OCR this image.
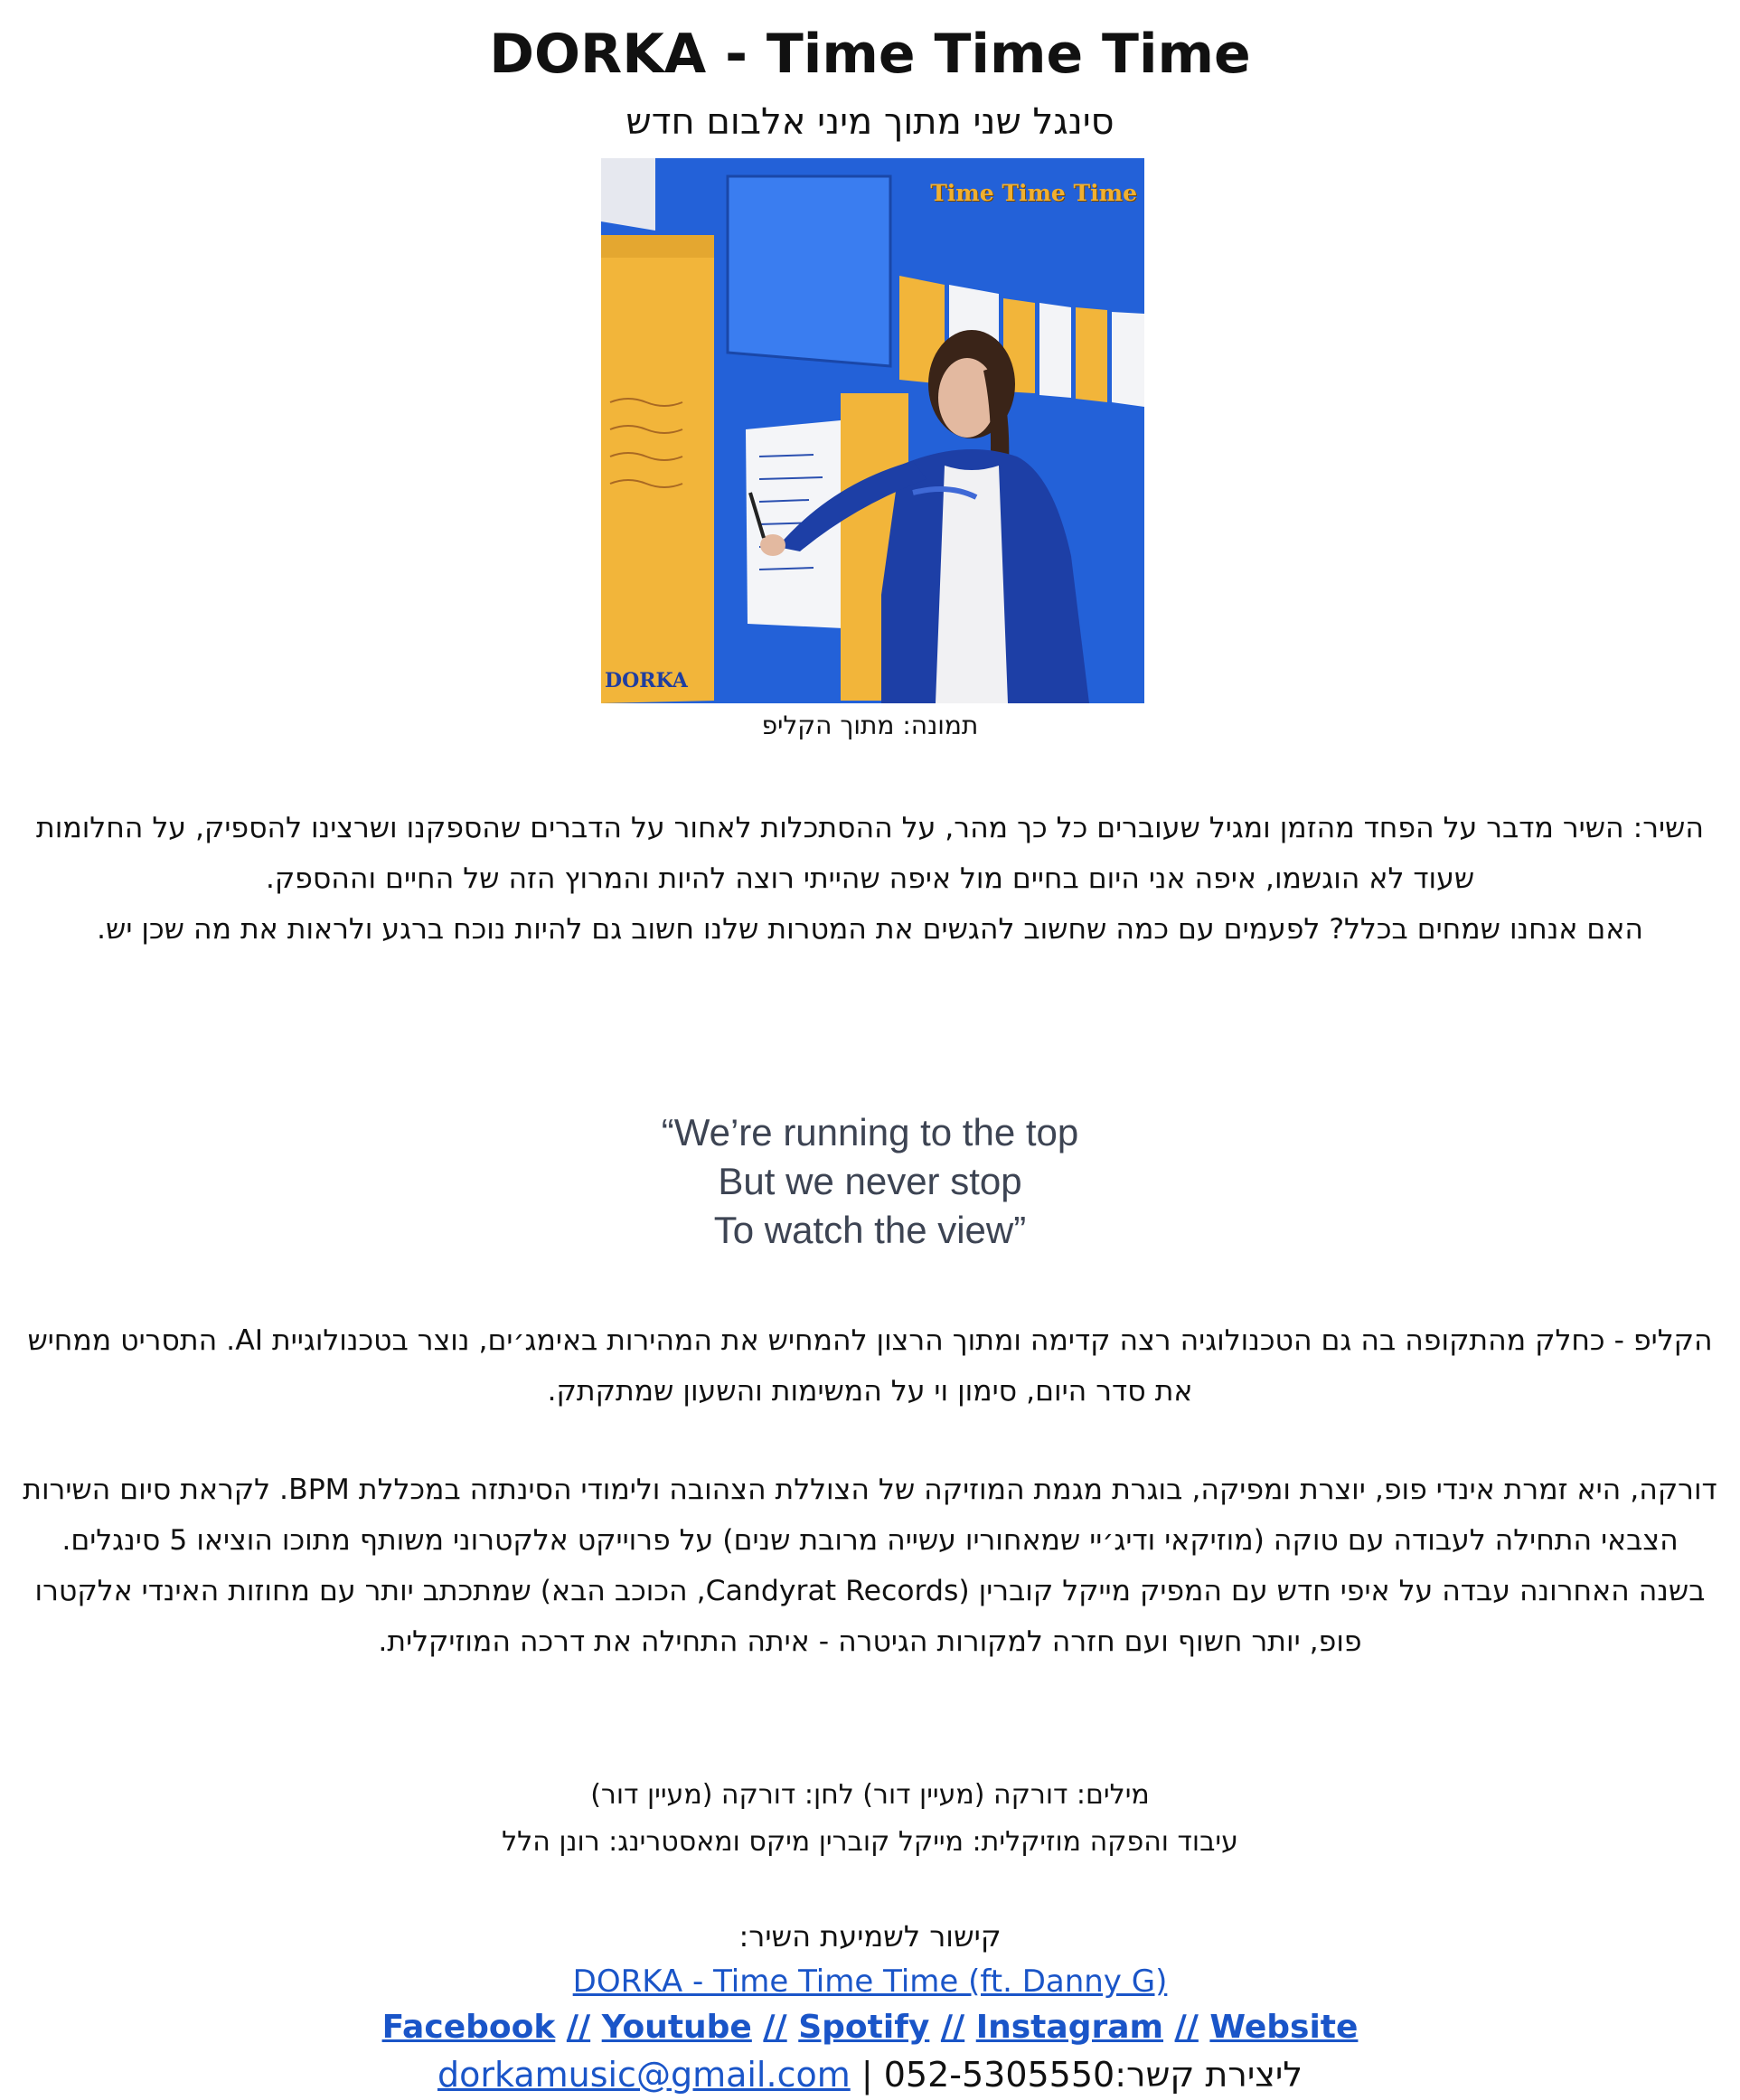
DORKA - Time Time Time
סינגל שני מתוך מיני אלבום חדש
Time Time Time
DORKA
תמונה: מתוך הקליפ

השיר: השיר מדבר על הפחד מהזמן ומגיל שעוברים כל כך מהר, על ההסתכלות לאחור על הדברים שהספקנו ושרצינו להספיק, על החלומות שעוד לא הוגשמו, איפה אני היום בחיים מול איפה שהייתי רוצה להיות והמרוץ הזה של החיים וההספק.

האם אנחנו שמחים בכלל? לפעמים עם כמה שחשוב להגשים את המטרות שלנו חשוב גם להיות נוכח ברגע ולראות את מה שכן יש.

“We’re running to the top
But we never stop
To watch the view”

הקליפ - כחלק מהתקופה בה גם הטכנולוגיה רצה קדימה ומתוך הרצון להמחיש את המהירות באימג׳ים, נוצר בטכנולוגיית AI. התסריט ממחיש את סדר היום, סימון וי על המשימות והשעון שמתקתק.

דורקה, היא זמרת אינדי פופ, יוצרת ומפיקה, בוגרת מגמת המוזיקה של הצוללת הצהובה ולימודי הסינתזה במכללת BPM. לקראת סיום השירות הצבאי התחילה לעבודה עם טוקה (מוזיקאי ודיג׳יי שמאחוריו עשייה מרובת שנים) על פרוייקט אלקטרוני משותף מתוכו הוציאו 5 סינגלים.

בשנה האחרונה עבדה על איפי חדש עם המפיק מייקל קוברין (Candyrat Records, הכוכב הבא) שמתכתב יותר עם מחוזות האינדי אלקטרו פופ, יותר חשוף ועם חזרה למקורות הגיטרה - איתה התחילה את דרכה המוזיקלית.

מילים: דורקה (מעיין דור) לחן: דורקה (מעיין דור)
עיבוד והפקה מוזיקלית: מייקל קוברין מיקס ומאסטרינג: רונן הלל
קישור לשמיעת השיר:
DORKA - Time Time Time (ft. Danny G)
Facebook // Youtube // Spotify // Instagram // Website
ליצירת קשר:052-5305550 | dorkamusic@gmail.com
